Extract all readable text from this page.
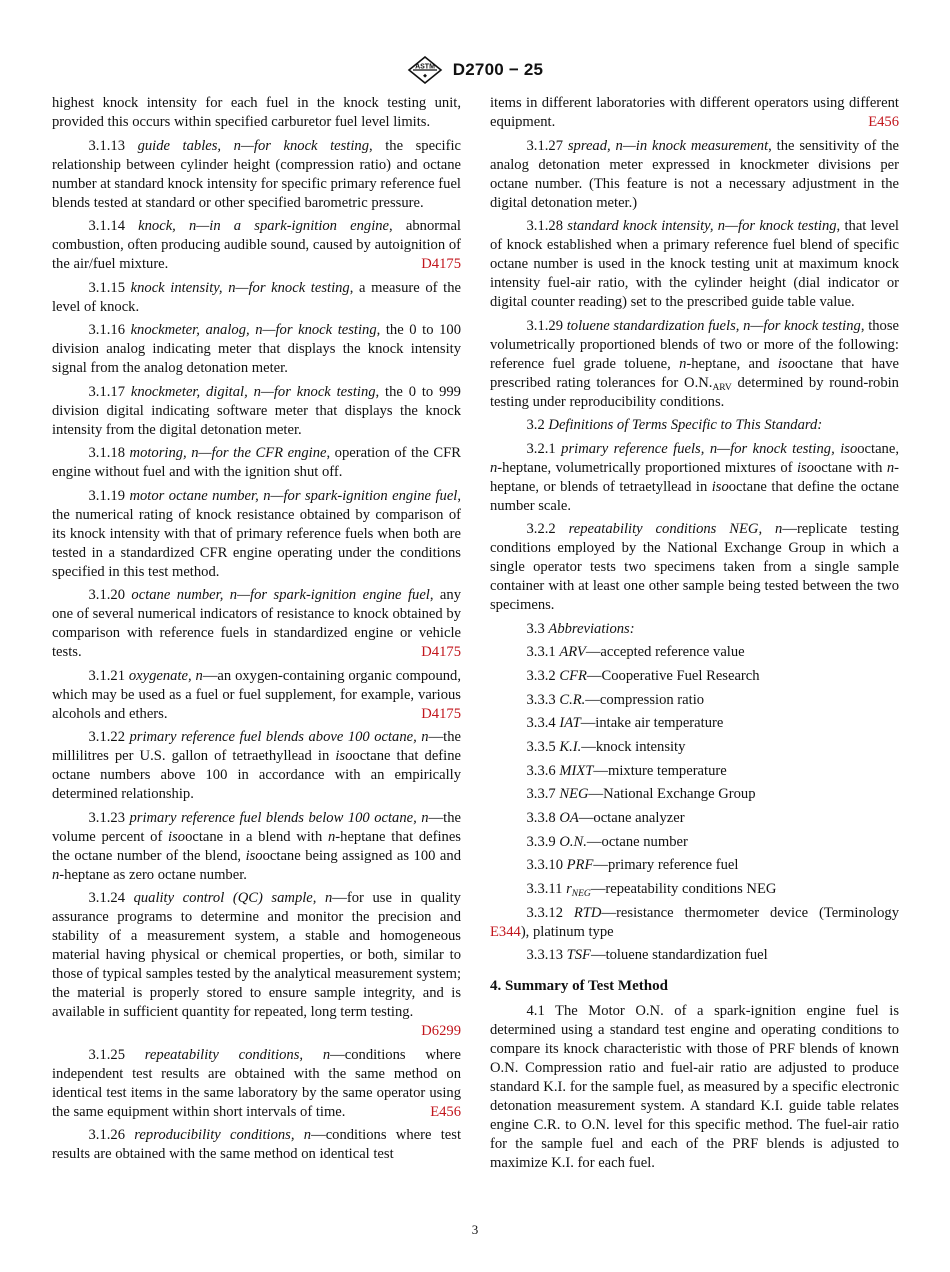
ASTM
◆ D2700 − 25

highest knock intensity for each fuel in the knock testing unit, provided this occurs within specified carburetor fuel level limits.

3.1.13 guide tables, n—for knock testing, the specific relationship between cylinder height (compression ratio) and octane number at standard knock intensity for specific primary reference fuel blends tested at standard or other specified barometric pressure.

3.1.14 knock, n—in a spark-ignition engine, abnormal combustion, often producing audible sound, caused by autoignition of the air/fuel mixture.	D4175

3.1.15 knock intensity, n—for knock testing, a measure of the level of knock.

3.1.16 knockmeter, analog, n—for knock testing, the 0 to 100 division analog indicating meter that displays the knock intensity signal from the analog detonation meter.

3.1.17 knockmeter, digital, n—for knock testing, the 0 to 999 division digital indicating software meter that displays the knock intensity from the digital detonation meter.

3.1.18 motoring, n—for the CFR engine, operation of the CFR engine without fuel and with the ignition shut off.

3.1.19 motor octane number, n—for spark-ignition engine fuel, the numerical rating of knock resistance obtained by comparison of its knock intensity with that of primary reference fuels when both are tested in a standardized CFR engine operating under the conditions specified in this test method.

3.1.20 octane number, n—for spark-ignition engine fuel, any one of several numerical indicators of resistance to knock obtained by comparison with reference fuels in standardized engine or vehicle tests.	D4175

3.1.21 oxygenate, n—an oxygen-containing organic compound, which may be used as a fuel or fuel supplement, for example, various alcohols and ethers.	D4175

3.1.22 primary reference fuel blends above 100 octane, n—the millilitres per U.S. gallon of tetraethyllead in isooctane that define octane numbers above 100 in accordance with an empirically determined relationship.

3.1.23 primary reference fuel blends below 100 octane, n—the volume percent of isooctane in a blend with n-heptane that defines the octane number of the blend, isooctane being assigned as 100 and n-heptane as zero octane number.

3.1.24 quality control (QC) sample, n—for use in quality assurance programs to determine and monitor the precision and stability of a measurement system, a stable and homogeneous material having physical or chemical properties, or both, similar to those of typical samples tested by the analytical measurement system; the material is properly stored to ensure sample integrity, and is available in sufficient quantity for repeated, long term testing.
D6299

3.1.25 repeatability conditions, n—conditions where independent test results are obtained with the same method on identical test items in the same laboratory by the same operator using the same equipment within short intervals of time.	E456

3.1.26 reproducibility conditions, n—conditions where test results are obtained with the same method on identical test

items in different laboratories with different operators using different equipment.	E456

3.1.27 spread, n—in knock measurement, the sensitivity of the analog detonation meter expressed in knockmeter divisions per octane number. (This feature is not a necessary adjustment in the digital detonation meter.)

3.1.28 standard knock intensity, n—for knock testing, that level of knock established when a primary reference fuel blend of specific octane number is used in the knock testing unit at maximum knock intensity fuel-air ratio, with the cylinder height (dial indicator or digital counter reading) set to the prescribed guide table value.

3.1.29 toluene standardization fuels, n—for knock testing, those volumetrically proportioned blends of two or more of the following: reference fuel grade toluene, n-heptane, and isooctane that have prescribed rating tolerances for $O.N._{ARV}$ determined by round-robin testing under reproducibility conditions.

3.2 Definitions of Terms Specific to This Standard:

3.2.1 primary reference fuels, n—for knock testing, isooctane, n-heptane, volumetrically proportioned mixtures of isooctane with n-heptane, or blends of tetraetyllead in isooctane that define the octane number scale.

3.2.2 repeatability conditions NEG, n—replicate testing conditions employed by the National Exchange Group in which a single operator tests two specimens taken from a single sample container with at least one other sample being tested between the two specimens.

3.3 Abbreviations:

3.3.1 ARV—accepted reference value

3.3.2 CFR—Cooperative Fuel Research

3.3.3 C.R.—compression ratio

3.3.4 IAT—intake air temperature

3.3.5 K.I.—knock intensity

3.3.6 MIXT—mixture temperature

3.3.7 NEG—National Exchange Group

3.3.8 OA—octane analyzer

3.3.9 O.N.—octane number

3.3.10 PRF—primary reference fuel

3.3.11 $r_{NEG}—repeatability$ conditions NEG

3.3.12 RTD—resistance thermometer device (Terminology E344), platinum type

3.3.13 TSF—toluene standardization fuel

4. Summary of Test Method

4.1 The Motor O.N. of a spark-ignition engine fuel is determined using a standard test engine and operating conditions to compare its knock characteristic with those of PRF blends of known O.N. Compression ratio and fuel-air ratio are adjusted to produce standard K.I. for the sample fuel, as measured by a specific electronic detonation measurement system. A standard K.I. guide table relates engine C.R. to O.N. level for this specific method. The fuel-air ratio for the sample fuel and each of the PRF blends is adjusted to maximize K.I. for each fuel.

3
